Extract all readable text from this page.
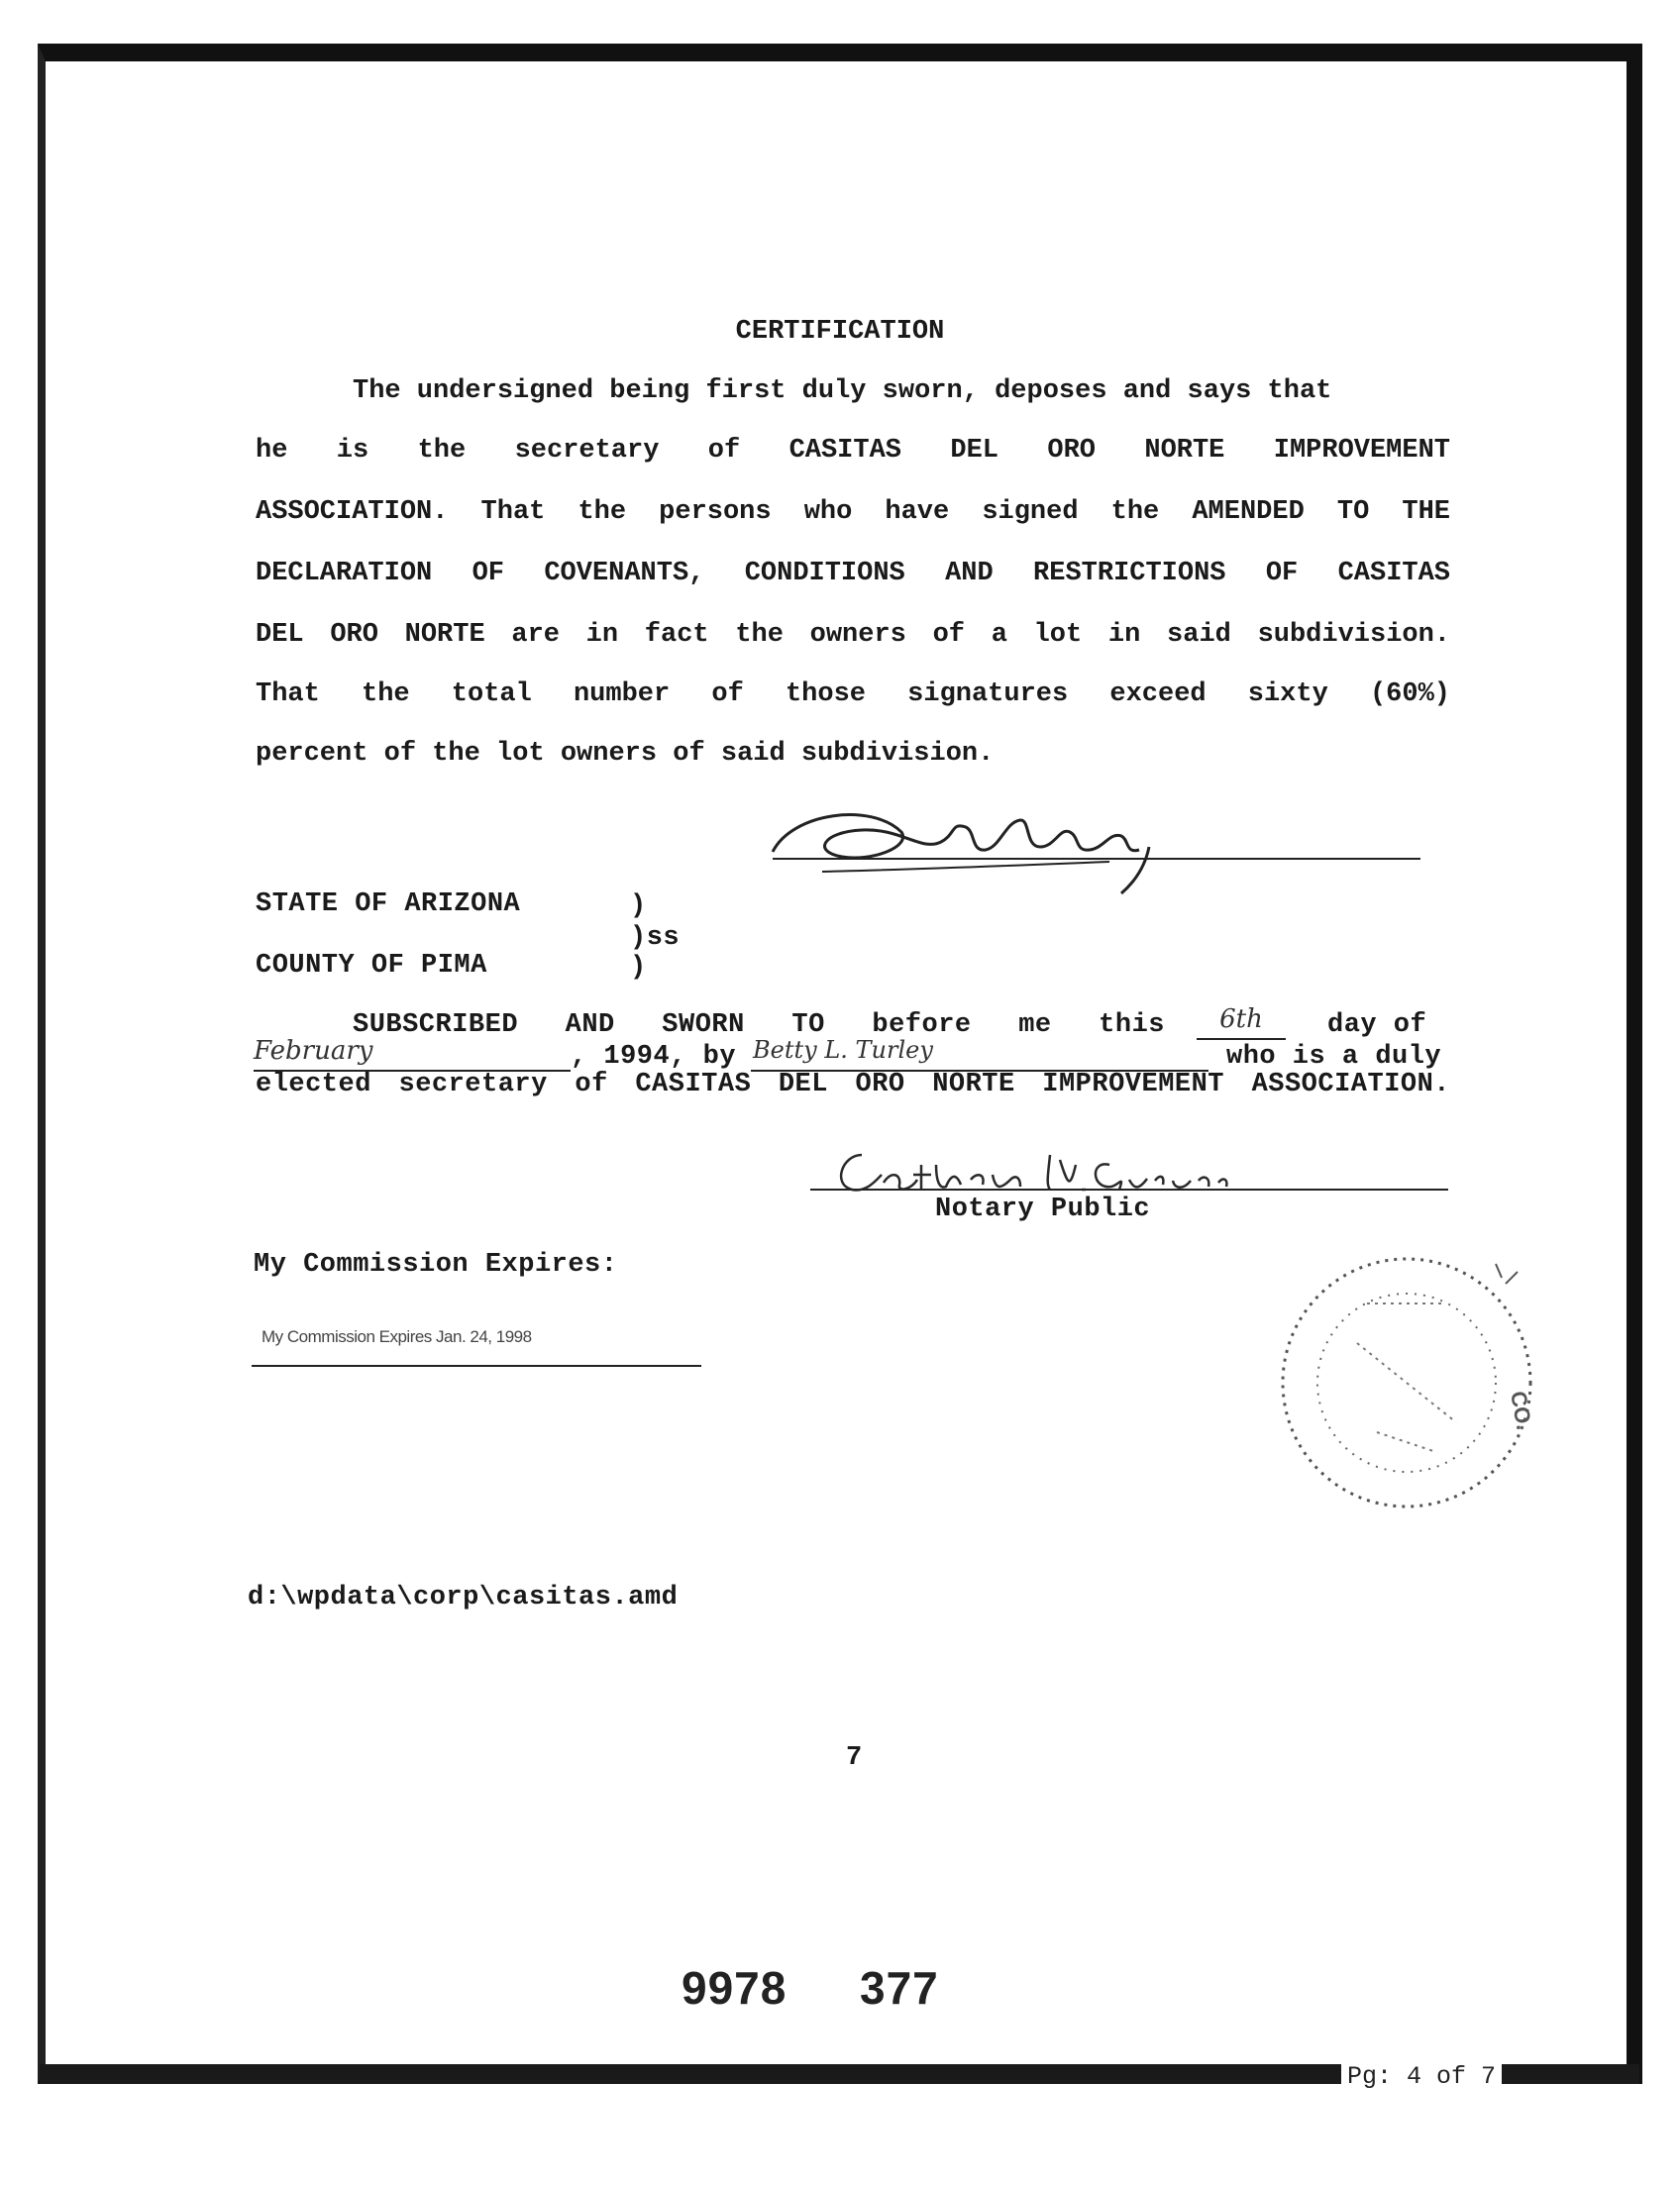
CERTIFICATION
The undersigned being first duly sworn, deposes and says that
he is the secretary of CASITAS DEL ORO NORTE IMPROVEMENT
ASSOCIATION. That the persons who have signed the AMENDED TO THE
DECLARATION OF COVENANTS, CONDITIONS AND RESTRICTIONS OF CASITAS
DEL ORO NORTE are in fact the owners of a lot in said subdivision.
That the total number of those signatures exceed sixty (60%)
percent of the lot owners of said subdivision.
STATE OF ARIZONA	)
)ss
COUNTY OF PIMA	)
SUBSCRIBED AND SWORN TO before me this	6th	day of
February	, 1994, by Betty L. Turley	who is a duly
elected secretary of CASITAS DEL ORO NORTE IMPROVEMENT ASSOCIATION.
Notary Public
CO.
My Commission Expires:
My Commission Expires Jan. 24, 1998
d:\wpdata\corp\casitas.amd
7
9978 377
Pg: 4 of 7
